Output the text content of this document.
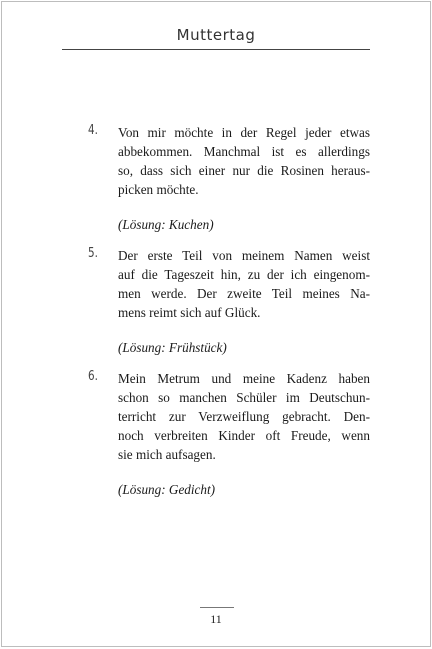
Muttertag
4. Von mir möchte in der Regel jeder etwas
abbekommen. Manchmal ist es allerdings
so, dass sich einer nur die Rosinen heraus-
picken möchte.
(Lösung: Kuchen)
5. Der erste Teil von meinem Namen weist
auf die Tageszeit hin, zu der ich eingenom-
men werde. Der zweite Teil meines Na-
mens reimt sich auf Glück.
(Lösung: Frühstück)
6. Mein Metrum und meine Kadenz haben
schon so manchen Schüler im Deutschun-
terricht zur Verzweiflung gebracht. Den-
noch verbreiten Kinder oft Freude, wenn
sie mich aufsagen.
(Lösung: Gedicht)
11
